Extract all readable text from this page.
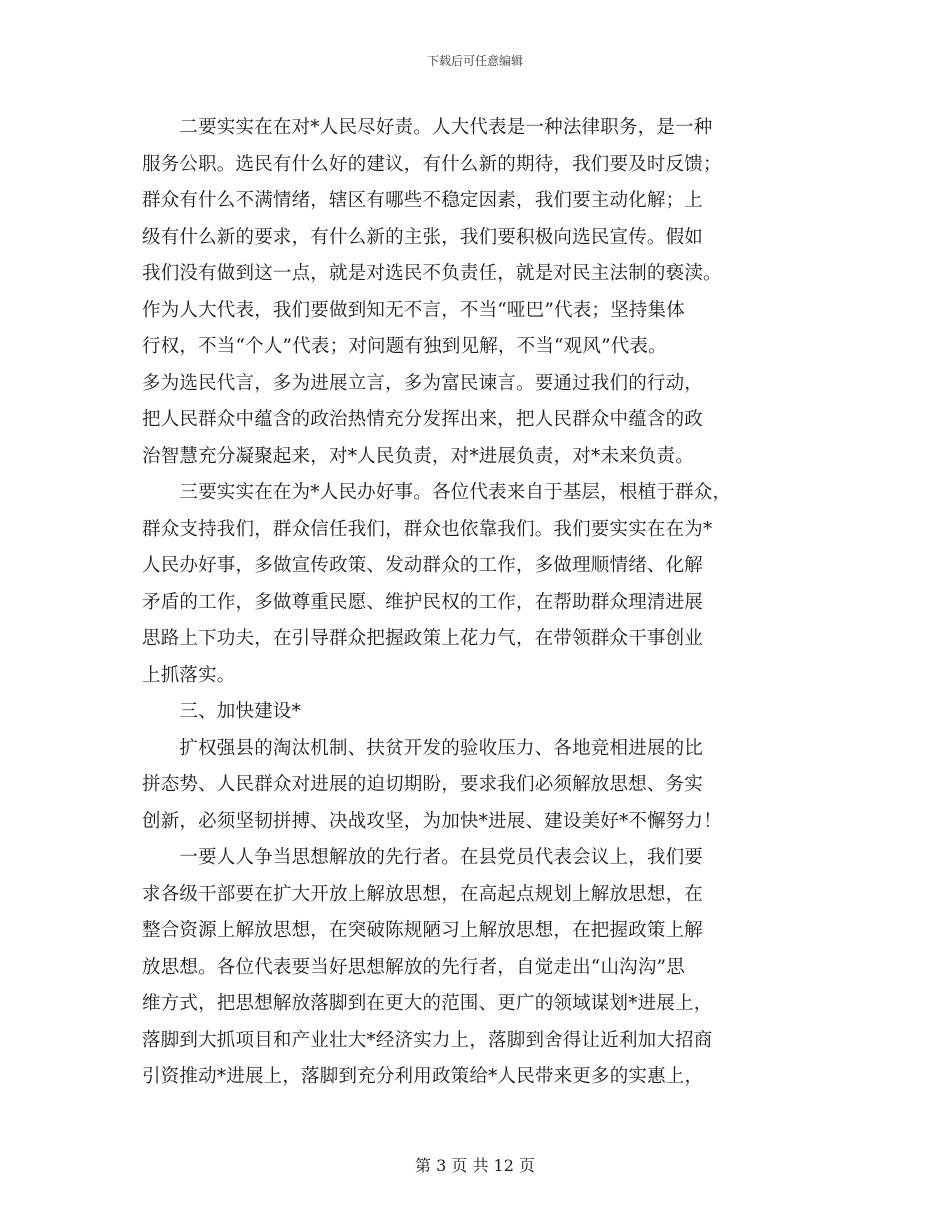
下载后可任意编辑
　　二要实实在在对*人民尽好责。人大代表是一种法律职务，是一种
服务公职。选民有什么好的建议，有什么新的期待，我们要及时反馈；
群众有什么不满情绪，辖区有哪些不稳定因素，我们要主动化解；上
级有什么新的要求，有什么新的主张，我们要积极向选民宣传。假如
我们没有做到这一点，就是对选民不负责任，就是对民主法制的亵渎。
作为人大代表，我们要做到知无不言，不当“哑巴”代表；坚持集体
行权，不当“个人”代表；对问题有独到见解，不当“观风”代表。
多为选民代言，多为进展立言，多为富民谏言。要通过我们的行动，
把人民群众中蕴含的政治热情充分发挥出来，把人民群众中蕴含的政
治智慧充分凝聚起来，对*人民负责，对*进展负责，对*未来负责。
　　三要实实在在为*人民办好事。各位代表来自于基层，根植于群众，
群众支持我们，群众信任我们，群众也依靠我们。我们要实实在在为*
人民办好事，多做宣传政策、发动群众的工作，多做理顺情绪、化解
矛盾的工作，多做尊重民愿、维护民权的工作，在帮助群众理清进展
思路上下功夫，在引导群众把握政策上花力气，在带领群众干事创业
上抓落实。
　　三、加快建设*
　　扩权强县的淘汰机制、扶贫开发的验收压力、各地竞相进展的比
拼态势、人民群众对进展的迫切期盼，要求我们必须解放思想、务实
创新，必须坚韧拼搏、决战攻坚，为加快*进展、建设美好*不懈努力！
　　一要人人争当思想解放的先行者。在县党员代表会议上，我们要
求各级干部要在扩大开放上解放思想，在高起点规划上解放思想，在
整合资源上解放思想，在突破陈规陋习上解放思想，在把握政策上解
放思想。各位代表要当好思想解放的先行者，自觉走出“山沟沟”思
维方式，把思想解放落脚到在更大的范围、更广的领域谋划*进展上，
落脚到大抓项目和产业壮大*经济实力上，落脚到舍得让近利加大招商
引资推动*进展上，落脚到充分利用政策给*人民带来更多的实惠上，
第 3 页 共 12 页
